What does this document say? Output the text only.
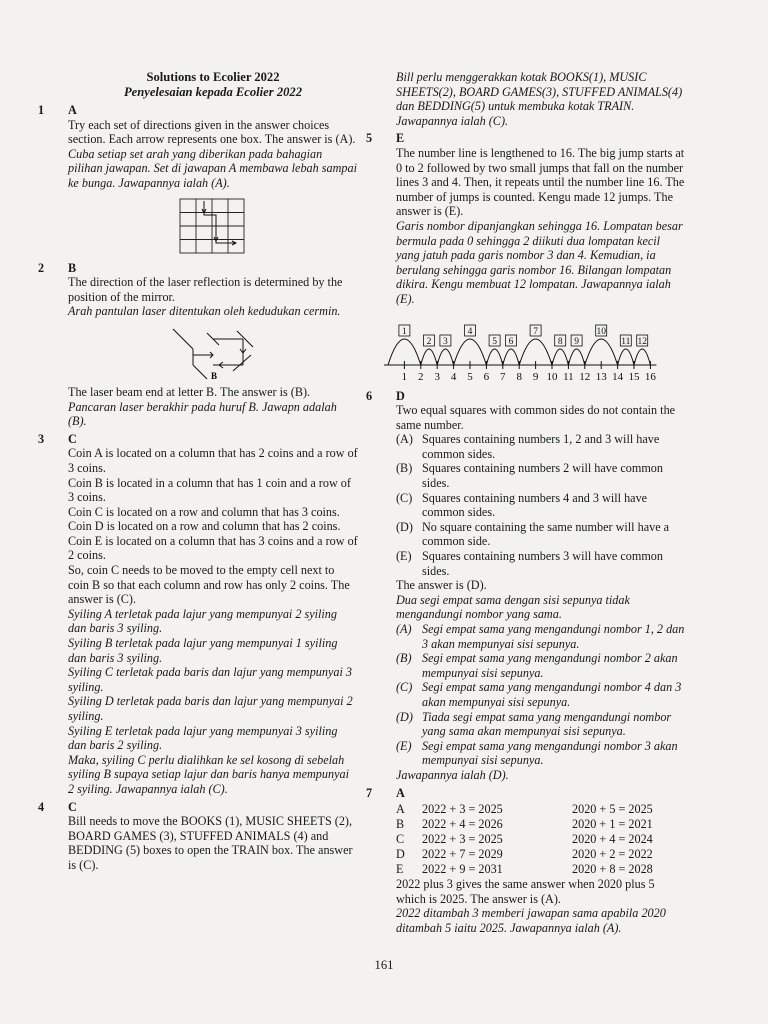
Solutions to Ecolier 2022
Penyelesaian kepada Ecolier 2022
1 A
Try each set of directions given in the answer choices section. Each arrow represents one box. The answer is (A).
Cuba setiap set arah yang diberikan pada bahagian pilihan jawapan. Set di jawapan A membawa lebah sampai ke bunga. Jawapannya ialah (A).
2 B
The direction of the laser reflection is determined by the position of the mirror.
Arah pantulan laser ditentukan oleh kedudukan cermin.
B
The laser beam end at letter B. The answer is (B).
Pancaran laser berakhir pada huruf B. Jawapn adalah (B).
3 C
Coin A is located on a column that has 2 coins and a row of 3 coins.
Coin B is located in a column that has 1 coin and a row of 3 coins.
Coin C is located on a row and column that has 3 coins.
Coin D is located on a row and column that has 2 coins.
Coin E is located on a column that has 3 coins and a row of 2 coins.
So, coin C needs to be moved to the empty cell next to coin B so that each column and row has only 2 coins. The answer is (C).
Syiling A terletak pada lajur yang mempunyai 2 syiling dan baris 3 syiling.
Syiling B terletak pada lajur yang mempunyai 1 syiling dan baris 3 syiling.
Syiling C terletak pada baris dan lajur yang mempunyai 3 syiling.
Syiling D terletak pada baris dan lajur yang mempunyai 2 syiling.
Syiling E terletak pada lajur yang mempunyai 3 syiling dan baris 2 syiling.
Maka, syiling C perlu dialihkan ke sel kosong di sebelah syiling B supaya setiap lajur dan baris hanya mempunyai 2 syiling. Jawapannya ialah (C).
4 C
Bill needs to move the BOOKS (1), MUSIC SHEETS (2), BOARD GAMES (3), STUFFED ANIMALS (4) and BEDDING (5) boxes to open the TRAIN box. The answer is (C).
Bill perlu menggerakkan kotak BOOKS(1), MUSIC SHEETS(2), BOARD GAMES(3), STUFFED ANIMALS(4) dan BEDDING(5) untuk membuka kotak TRAIN. Jawapannya ialah (C).
5 E
The number line is lengthened to 16. The big jump starts at 0 to 2 followed by two small jumps that fall on the number lines 3 and 4. Then, it repeats until the number line 16. The number of jumps is counted. Kengu made 12 jumps. The answer is (E).
Garis nombor dipanjangkan sehingga 16. Lompatan besar bermula pada 0 sehingga 2 diikuti dua lompatan kecil yang jatuh pada garis nombor 3 dan 4. Kemudian, ia berulang sehingga garis nombor 16. Bilangan lompatan dikira. Kengu membuat 12 lompatan. Jawapannya ialah (E).
1 2 3 4 5 6 7 8 9 10 11 12 13 14 15 16
1
2 3
4
5 6
7
8 9
10
11 12
6 D
Two equal squares with common sides do not contain the same number.
(A) Squares containing numbers 1, 2 and 3 will have common sides.
(B) Squares containing numbers 2 will have common sides.
(C) Squares containing numbers 4 and 3 will have common sides.
(D) No square containing the same number will have a common side.
(E) Squares containing numbers 3 will have common sides.
The answer is (D).
Dua segi empat sama dengan sisi sepunya tidak mengandungi nombor yang sama.
(A) Segi empat sama yang mengandungi nombor 1, 2 dan 3 akan mempunyai sisi sepunya.
(B) Segi empat sama yang mengandungi nombor 2 akan mempunyai sisi sepunya.
(C) Segi empat sama yang mengandungi nombor 4 dan 3 akan mempunyai sisi sepunya.
(D) Tiada segi empat sama yang mengandungi nombor yang sama akan mempunyai sisi sepunya.
(E) Segi empat sama yang mengandungi nombor 3 akan mempunyai sisi sepunya.
Jawapannya ialah (D).
7 A
A	2022 + 3 = 2025	2020 + 5 = 2025
B	2022 + 4 = 2026	2020 + 1 = 2021
C	2022 + 3 = 2025	2020 + 4 = 2024
D	2022 + 7 = 2029	2020 + 2 = 2022
E	2022 + 9 = 2031	2020 + 8 = 2028
2022 plus 3 gives the same answer when 2020 plus 5 which is 2025. The answer is (A).
2022 ditambah 3 memberi jawapan sama apabila 2020 ditambah 5 iaitu 2025. Jawapannya ialah (A).
161
